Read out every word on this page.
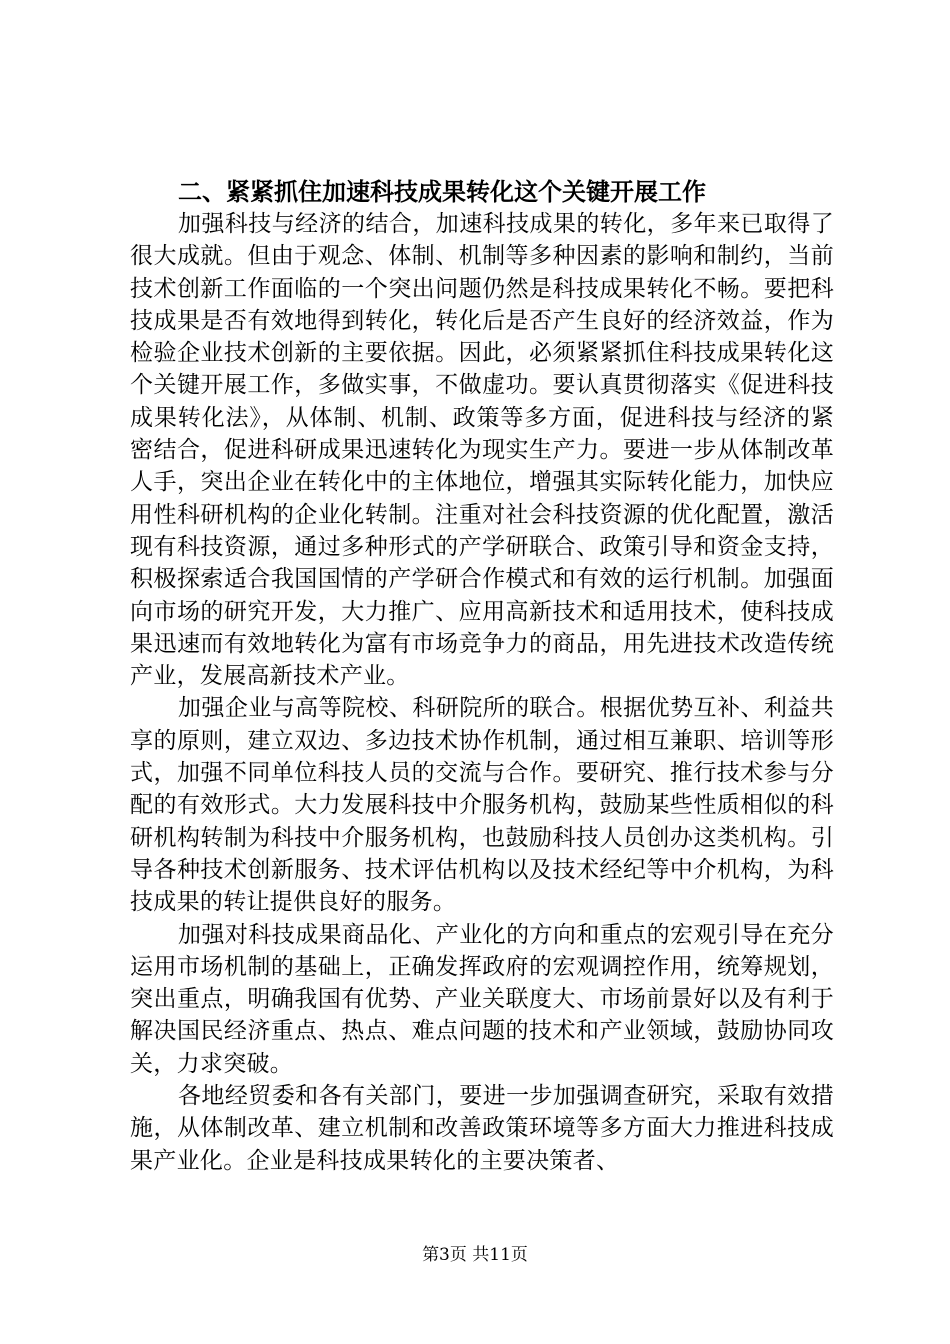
二、紧紧抓住加速科技成果转化这个关键开展工作

加强科技与经济的结合，加速科技成果的转化，多年来已取得了很大成就。但由于观念、体制、机制等多种因素的影响和制约，当前技术创新工作面临的一个突出问题仍然是科技成果转化不畅。要把科技成果是否有效地得到转化，转化后是否产生良好的经济效益，作为检验企业技术创新的主要依据。因此，必须紧紧抓住科技成果转化这个关键开展工作，多做实事，不做虚功。要认真贯彻落实《促进科技成果转化法》，从体制、机制、政策等多方面，促进科技与经济的紧密结合，促进科研成果迅速转化为现实生产力。要进一步从体制改革人手，突出企业在转化中的主体地位，增强其实际转化能力，加快应用性科研机构的企业化转制。注重对社会科技资源的优化配置，激活现有科技资源，通过多种形式的产学研联合、政策引导和资金支持，积极探索适合我国国情的产学研合作模式和有效的运行机制。加强面向市场的研究开发，大力推广、应用高新技术和适用技术，使科技成果迅速而有效地转化为富有市场竞争力的商品，用先进技术改造传统产业，发展高新技术产业。

加强企业与高等院校、科研院所的联合。根据优势互补、利益共享的原则，建立双边、多边技术协作机制，通过相互兼职、培训等形式，加强不同单位科技人员的交流与合作。要研究、推行技术参与分配的有效形式。大力发展科技中介服务机构，鼓励某些性质相似的科研机构转制为科技中介服务机构，也鼓励科技人员创办这类机构。引导各种技术创新服务、技术评估机构以及技术经纪等中介机构，为科技成果的转让提供良好的服务。

加强对科技成果商品化、产业化的方向和重点的宏观引导在充分运用市场机制的基础上，正确发挥政府的宏观调控作用，统筹规划，突出重点，明确我国有优势、产业关联度大、市场前景好以及有利于解决国民经济重点、热点、难点问题的技术和产业领域，鼓励协同攻关，力求突破。

各地经贸委和各有关部门，要进一步加强调查研究，采取有效措施，从体制改革、建立机制和改善政策环境等多方面大力推进科技成果产业化。企业是科技成果转化的主要决策者、

第3页 共11页
